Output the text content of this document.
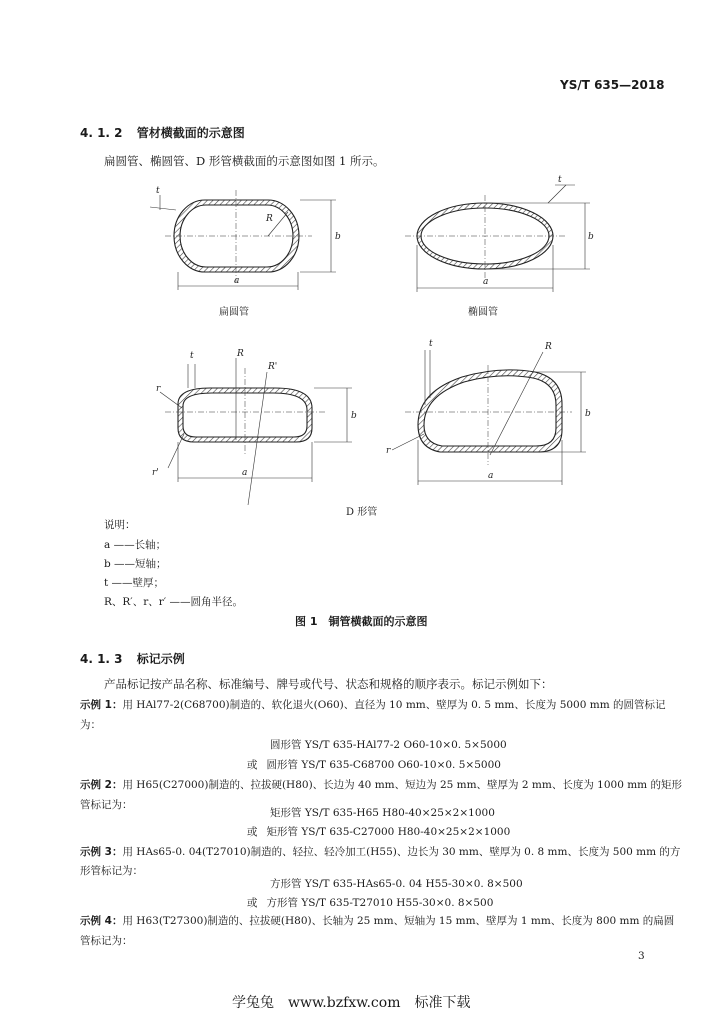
YS/T 635—2018
4. 1. 2 管材横截面的示意图
扁圆管、椭圆管、D 形管横截面的示意图如图 1 所示。
t
R
a
b
t
a
b
t	R
R'
r
r'	a
b
t	R
r
a
b
扁圆管	椭圆管
D 形管
说明：
a ——长轴；
b ——短轴；
t ——壁厚；
R、R′、r、r′ ——圆角半径。
图 1　铜管横截面的示意图
4. 1. 3 标记示例
产品标记按产品名称、标准编号、牌号或代号、状态和规格的顺序表示。标记示例如下：
示例 1：用 HAl77-2(C68700)制造的、软化退火(O60)、直径为 10 mm、壁厚为 0. 5 mm、长度为 5000 mm 的圆管标记
为：
圆形管 YS/T 635-HAl77-2 O60-10×0. 5×5000
或 圆形管 YS/T 635-C68700 O60-10×0. 5×5000
示例 2：用 H65(C27000)制造的、拉拔硬(H80)、长边为 40 mm、短边为 25 mm、壁厚为 2 mm、长度为 1000 mm 的矩形
管标记为：
矩形管 YS/T 635-H65 H80-40×25×2×1000
或 矩形管 YS/T 635-C27000 H80-40×25×2×1000
示例 3：用 HAs65-0. 04(T27010)制造的、轻拉、轻冷加工(H55)、边长为 30 mm、壁厚为 0. 8 mm、长度为 500 mm 的方
形管标记为：
方形管 YS/T 635-HAs65-0. 04 H55-30×0. 8×500
或 方形管 YS/T 635-T27010 H55-30×0. 8×500
示例 4：用 H63(T27300)制造的、拉拔硬(H80)、长轴为 25 mm、短轴为 15 mm、壁厚为 1 mm、长度为 800 mm 的扁圆
管标记为：
3
学兔兔　www.bzfxw.com　标准下载
